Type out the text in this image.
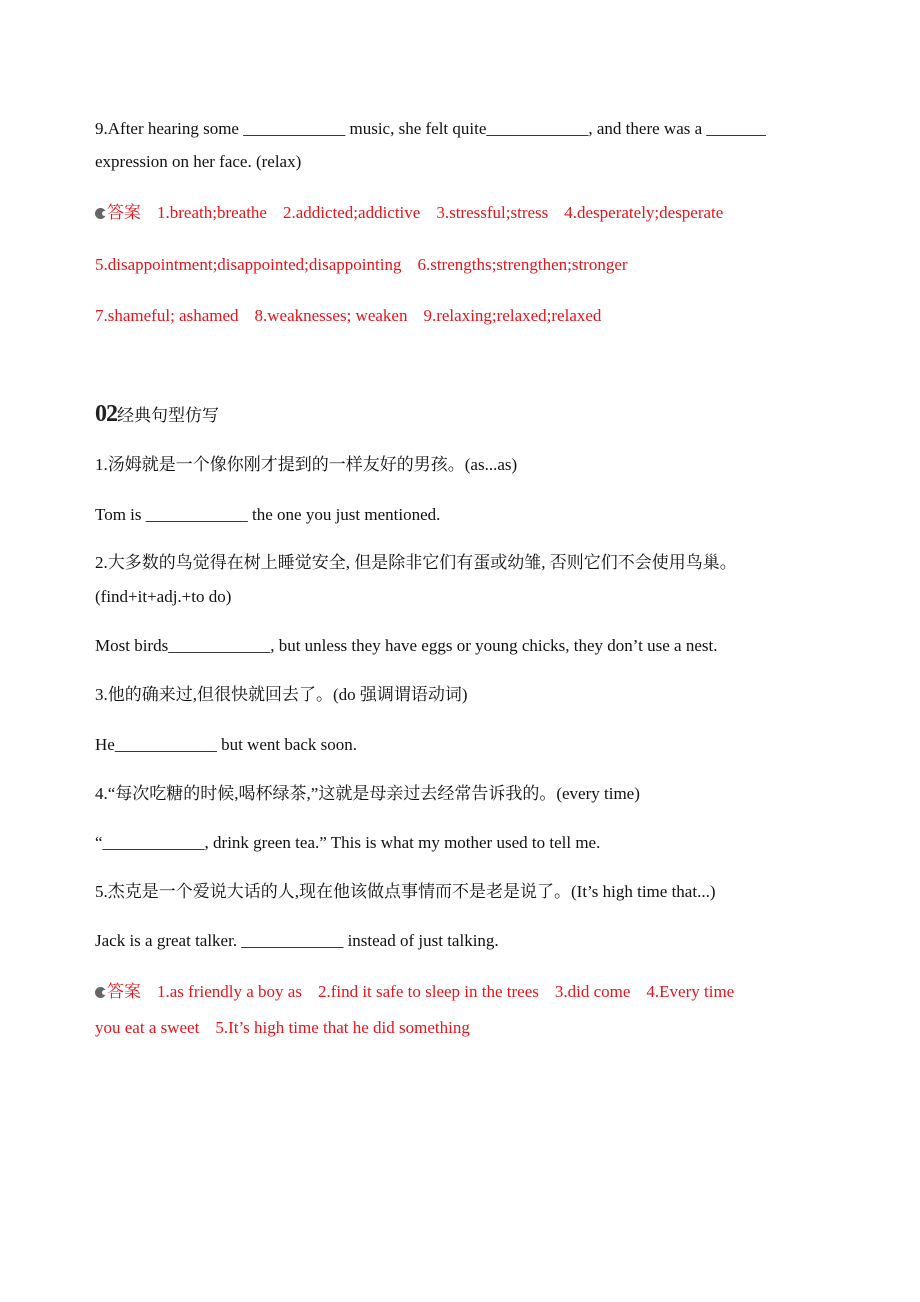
9.After hearing some ____________ music, she felt quite____________, and there was a _______
expression on her face. (relax)
答案 1.breath;breathe 2.addicted;addictive 3.stressful;stress 4.desperately;desperate
5.disappointment;disappointed;disappointing 6.strengths;strengthen;stronger
7.shameful; ashamed 8.weaknesses; weaken 9.relaxing;relaxed;relaxed
02经典句型仿写
1.汤姆就是一个像你刚才提到的一样友好的男孩。(as...as)
Tom is ____________ the one you just mentioned.
2.大多数的鸟觉得在树上睡觉安全, 但是除非它们有蛋或幼雏, 否则它们不会使用鸟巢。
(find+it+adj.+to do)
Most birds____________, but unless they have eggs or young chicks, they don’t use a nest.
3.他的确来过,但很快就回去了。(do 强调谓语动词)
He____________ but went back soon.
4.“每次吃糖的时候,喝杯绿茶,”这就是母亲过去经常告诉我的。(every time)
“____________, drink green tea.” This is what my mother used to tell me.
5.杰克是一个爱说大话的人,现在他该做点事情而不是老是说了。(It’s high time that...)
Jack is a great talker. ____________ instead of just talking.
答案 1.as friendly a boy as 2.find it safe to sleep in the trees 3.did come 4.Every time
you eat a sweet 5.It’s high time that he did something
